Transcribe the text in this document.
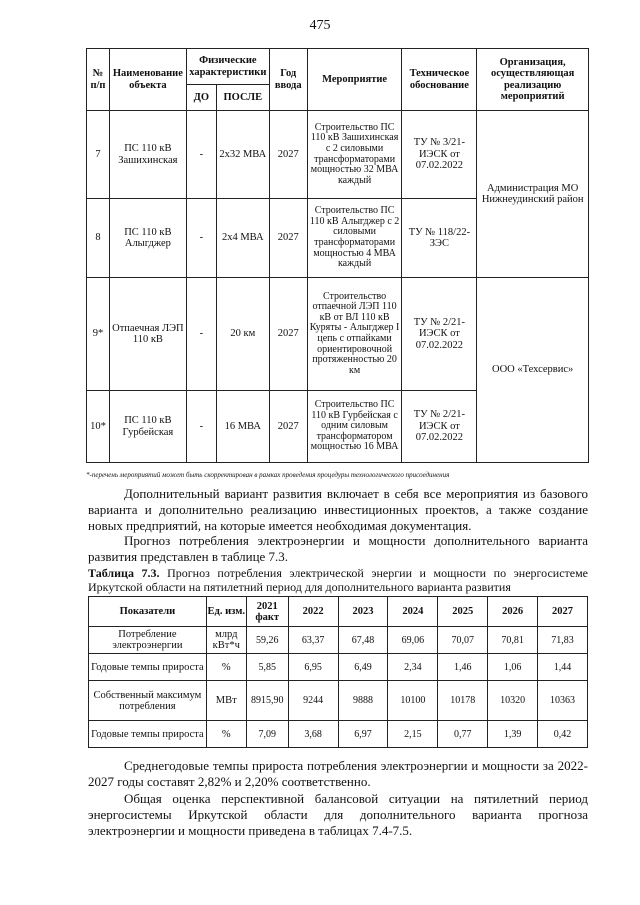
475
№ п/п	Наименование объекта	Физические характеристики		Год ввода	Мероприятие	Техническое обоснование	Организация, осуществляющая реализацию мероприятий
		ДО	ПОСЛЕ				
7	ПС 110 кВ Зашихинская	-	2х32 МВА	2027	Строительство ПС 110 кВ Зашихинская с 2 силовыми трансформаторами мощностью 32 МВА каждый	ТУ № 3/21-ИЭСК от 07.02.2022	Администрация МО Нижнеудинский район
8	ПС 110 кВ Алыгджер	-	2х4 МВА	2027	Строительство ПС 110 кВ Алыгджер с 2 силовыми трансформаторами мощностью 4 МВА каждый	ТУ № 118/22-ЗЭС	
9*	Отпаечная ЛЭП 110 кВ	-	20 км	2027	Строительство отпаечной ЛЭП 110 кВ от ВЛ 110 кВ Куряты - Алыгджер I цепь с отпайками ориентировочной протяженностью 20 км	ТУ № 2/21-ИЭСК от 07.02.2022	ООО «Техсервис»
10*	ПС 110 кВ Гурбейская	-	16 МВА	2027	Строительство ПС 110 кВ Гурбейская с одним силовым трансформатором мощностью 16 МВА	ТУ № 2/21-ИЭСК от 07.02.2022	
*-перечень мероприятий может быть скорректирован в рамках проведения процедуры технологического присоединения
Дополнительный вариант развития включает в себя все мероприятия из базового варианта и дополнительно реализацию инвестиционных проектов, а также создание новых предприятий, на которые имеется необходимая документация.
Прогноз потребления электроэнергии и мощности дополнительного варианта развития представлен в таблице 7.3.
Таблица 7.3. Прогноз потребления электрической энергии и мощности по энергосистеме Иркутской области на пятилетний период для дополнительного варианта развития
Показатели	Ед. изм.	2021 факт	2022	2023	2024	2025	2026	2027
Потребление электроэнергии	млрд кВт*ч	59,26	63,37	67,48	69,06	70,07	70,81	71,83
Годовые темпы прироста	%	5,85	6,95	6,49	2,34	1,46	1,06	1,44
Собственный максимум потребления	МВт	8915,90	9244	9888	10100	10178	10320	10363
Годовые темпы прироста	%	7,09	3,68	6,97	2,15	0,77	1,39	0,42
Среднегодовые темпы прироста потребления электроэнергии и мощности за 2022-2027 годы составят 2,82% и 2,20% соответственно.
Общая оценка перспективной балансовой ситуации на пятилетний период энергосистемы Иркутской области для дополнительного варианта прогноза электроэнергии и мощности приведена в таблицах 7.4-7.5.
